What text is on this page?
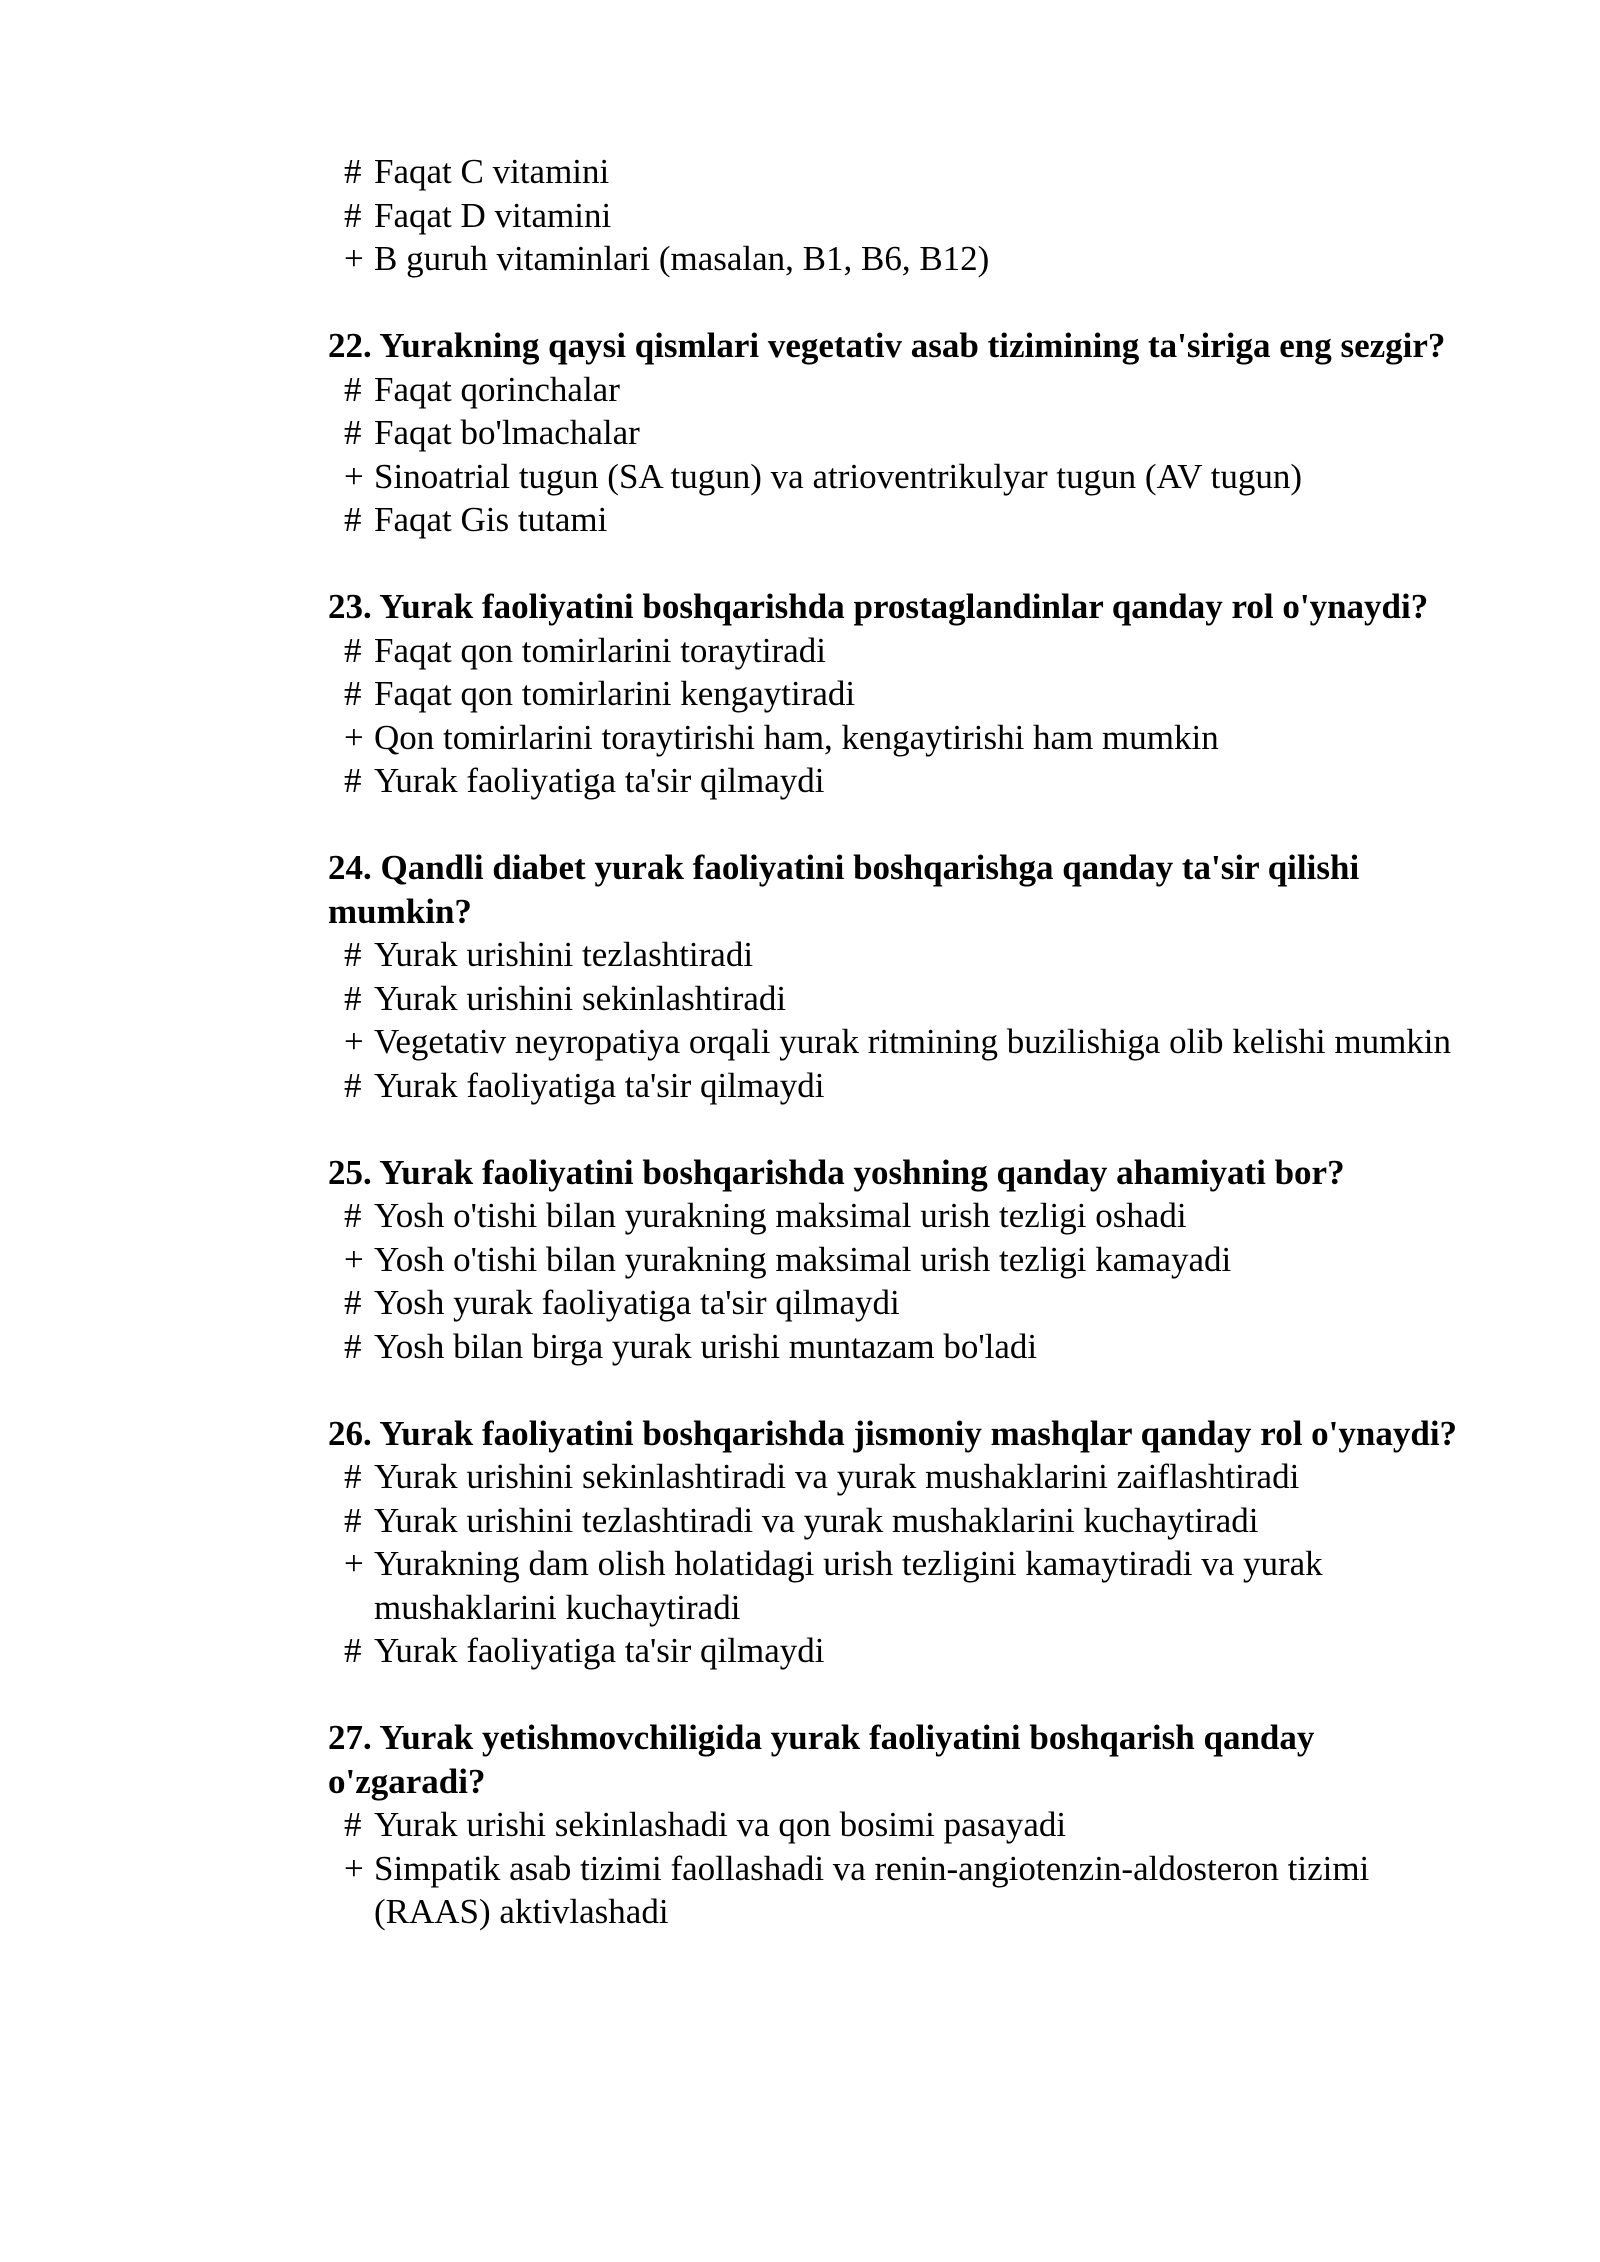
# Faqat C vitamini
# Faqat D vitamini
+ B guruh vitaminlari (masalan, B1, B6, B12)
22. Yurakning qaysi qismlari vegetativ asab tizimining ta'siriga eng sezgir?
# Faqat qorinchalar
# Faqat bo'lmachalar
+ Sinoatrial tugun (SA tugun) va atrioventrikulyar tugun (AV tugun)
# Faqat Gis tutami
23. Yurak faoliyatini boshqarishda prostaglandinlar qanday rol o'ynaydi?
# Faqat qon tomirlarini toraytiradi
# Faqat qon tomirlarini kengaytiradi
+ Qon tomirlarini toraytirishi ham, kengaytirishi ham mumkin
# Yurak faoliyatiga ta'sir qilmaydi
24. Qandli diabet yurak faoliyatini boshqarishga qanday ta'sir qilishi mumkin?
# Yurak urishini tezlashtiradi
# Yurak urishini sekinlashtiradi
+ Vegetativ neyropatiya orqali yurak ritmining buzilishiga olib kelishi mumkin
# Yurak faoliyatiga ta'sir qilmaydi
25. Yurak faoliyatini boshqarishda yoshning qanday ahamiyati bor?
# Yosh o'tishi bilan yurakning maksimal urish tezligi oshadi
+ Yosh o'tishi bilan yurakning maksimal urish tezligi kamayadi
# Yosh yurak faoliyatiga ta'sir qilmaydi
# Yosh bilan birga yurak urishi muntazam bo'ladi
26. Yurak faoliyatini boshqarishda jismoniy mashqlar qanday rol o'ynaydi?
# Yurak urishini sekinlashtiradi va yurak mushaklarini zaiflashtiradi
# Yurak urishini tezlashtiradi va yurak mushaklarini kuchaytiradi
+ Yurakning dam olish holatidagi urish tezligini kamaytiradi va yurak mushaklarini kuchaytiradi
# Yurak faoliyatiga ta'sir qilmaydi
27. Yurak yetishmovchiligida yurak faoliyatini boshqarish qanday o'zgaradi?
# Yurak urishi sekinlashadi va qon bosimi pasayadi
+ Simpatik asab tizimi faollashadi va renin-angiotenzin-aldosteron tizimi (RAAS) aktivlashadi
